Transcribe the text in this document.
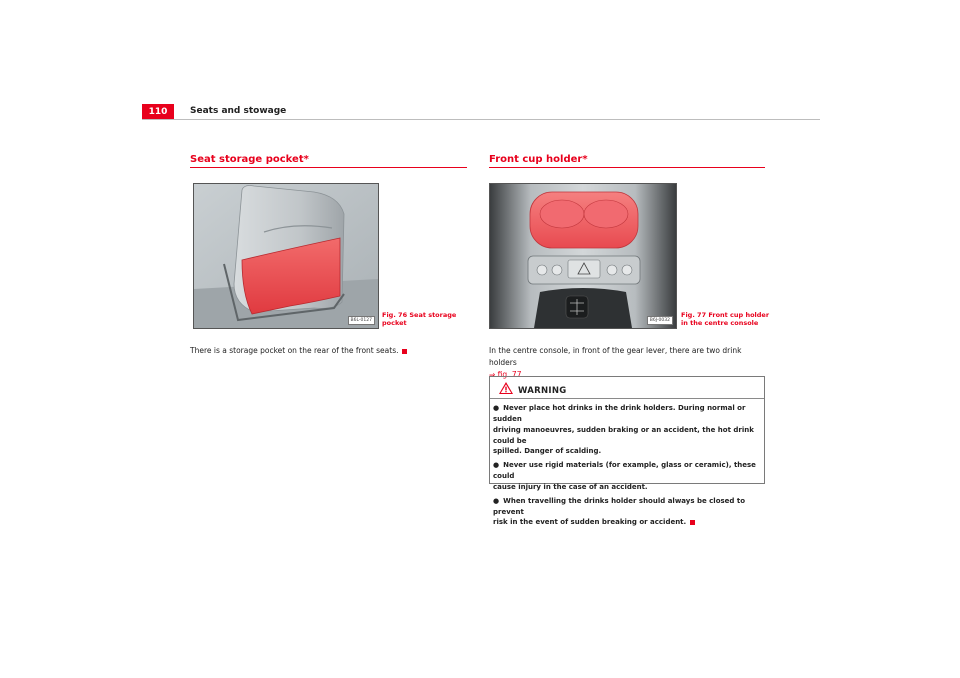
110	Seats and stowage
Seat storage pocket*
B6L-0127
Fig. 76 Seat storage
pocket
There is a storage pocket on the rear of the front seats.
Front cup holder*
B6J-0032
Fig. 77 Front cup holder
in the centre console
In the centre console, in front of the gear lever, there are two drink holders
⇒ fig. 77.
WARNING
● Never place hot drinks in the drink holders. During normal or sudden
driving manoeuvres, sudden braking or an accident, the hot drink could be
spilled. Danger of scalding.
● Never use rigid materials (for example, glass or ceramic), these could
cause injury in the case of an accident.
● When travelling the drinks holder should always be closed to prevent
risk in the event of sudden breaking or accident.
